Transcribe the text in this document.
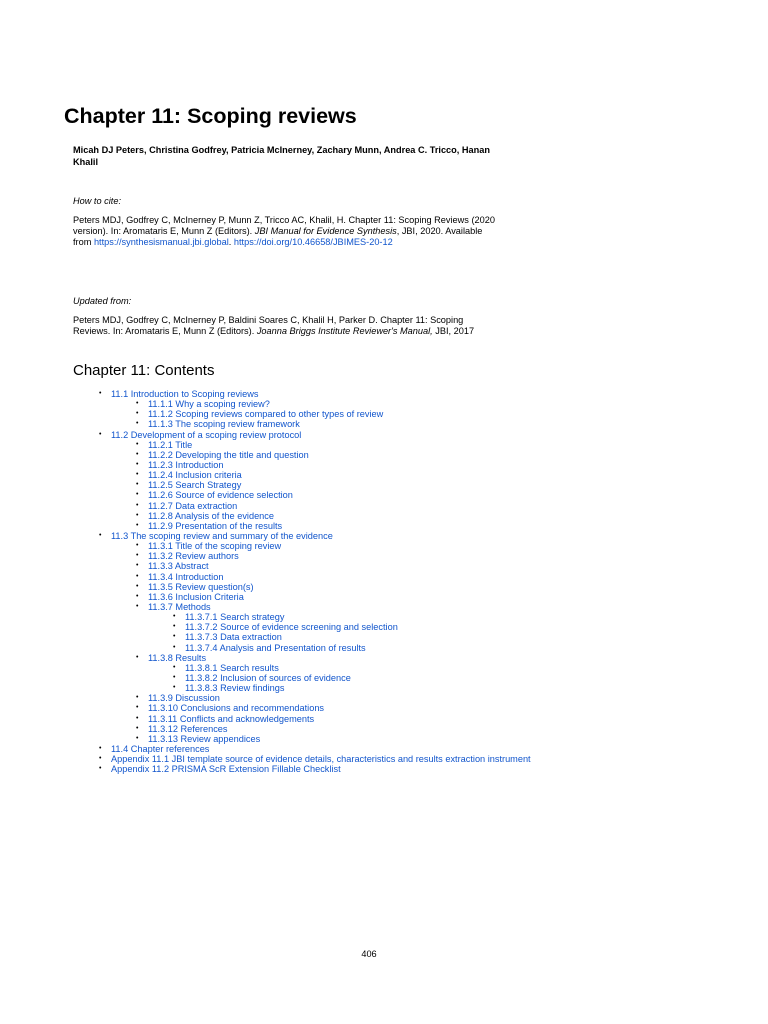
Chapter 11: Scoping reviews

Micah DJ Peters, Christina Godfrey, Patricia McInerney, Zachary Munn, Andrea C. Tricco, Hanan Khalil

How to cite:

Peters MDJ, Godfrey C, McInerney P, Munn Z, Tricco AC, Khalil, H. Chapter 11: Scoping Reviews (2020
version). In: Aromataris E, Munn Z (Editors). JBI Manual for Evidence Synthesis, JBI, 2020. Available
from https://synthesismanual.jbi.global. https://doi.org/10.46658/JBIMES-20-12

Updated from:

Peters MDJ, Godfrey C, McInerney P, Baldini Soares C, Khalil H, Parker D. Chapter 11: Scoping
Reviews. In: Aromataris E, Munn Z (Editors). Joanna Briggs Institute Reviewer's Manual, JBI, 2017
Chapter 11: Contents
• 11.1 Introduction to Scoping reviews
• 11.1.1 Why a scoping review?
• 11.1.2 Scoping reviews compared to other types of review
• 11.1.3 The scoping review framework
• 11.2 Development of a scoping review protocol
• 11.2.1 Title
• 11.2.2 Developing the title and question
• 11.2.3 Introduction
• 11.2.4 Inclusion criteria
• 11.2.5 Search Strategy
• 11.2.6 Source of evidence selection
• 11.2.7 Data extraction
• 11.2.8 Analysis of the evidence
• 11.2.9 Presentation of the results
• 11.3 The scoping review and summary of the evidence
• 11.3.1 Title of the scoping review
• 11.3.2 Review authors
• 11.3.3 Abstract
• 11.3.4 Introduction
• 11.3.5 Review question(s)
• 11.3.6 Inclusion Criteria
• 11.3.7 Methods
• 11.3.7.1 Search strategy
• 11.3.7.2 Source of evidence screening and selection
• 11.3.7.3 Data extraction
• 11.3.7.4 Analysis and Presentation of results
• 11.3.8 Results
• 11.3.8.1 Search results
• 11.3.8.2 Inclusion of sources of evidence
• 11.3.8.3 Review findings
• 11.3.9 Discussion
• 11.3.10 Conclusions and recommendations
• 11.3.11 Conflicts and acknowledgements
• 11.3.12 References
• 11.3.13 Review appendices
• 11.4 Chapter references
• Appendix 11.1 JBI template source of evidence details, characteristics and results extraction instrument
• Appendix 11.2 PRISMA ScR Extension Fillable Checklist

406
